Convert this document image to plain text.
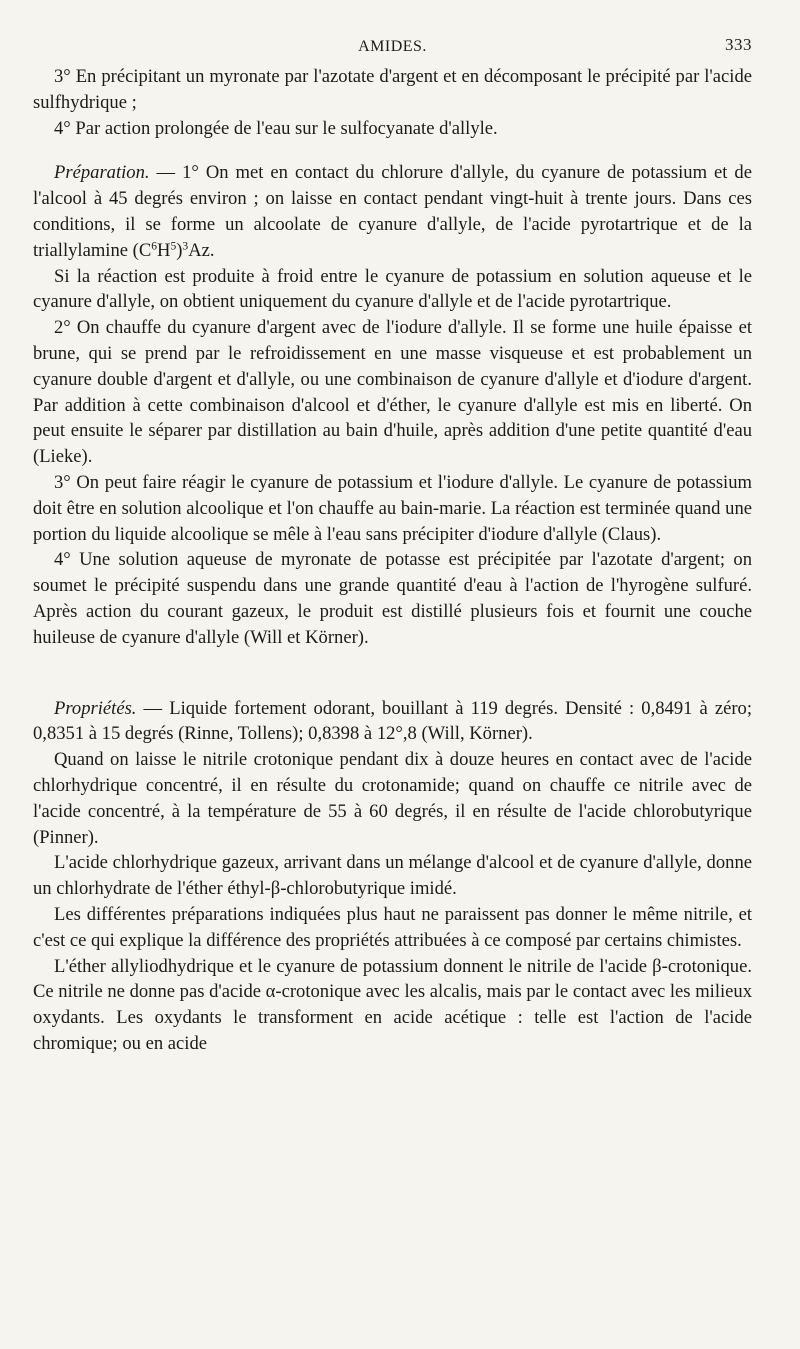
AMIDES.	333

3° En précipitant un myronate par l'azotate d'argent et en décomposant le précipité par l'acide sulfhydrique ;

4° Par action prolongée de l'eau sur le sulfocyanate d'allyle.

Préparation. — 1° On met en contact du chlorure d'allyle, du cyanure de potassium et de l'alcool à 45 degrés environ ; on laisse en contact pendant vingt-huit à trente jours. Dans ces conditions, il se forme un alcoolate de cyanure d'allyle, de l'acide pyrotartrique et de la triallylamine $(C^6H^5)^3Az$.

Si la réaction est produite à froid entre le cyanure de potassium en solution aqueuse et le cyanure d'allyle, on obtient uniquement du cyanure d'allyle et de l'acide pyrotartrique.

2° On chauffe du cyanure d'argent avec de l'iodure d'allyle. Il se forme une huile épaisse et brune, qui se prend par le refroidissement en une masse visqueuse et est probablement un cyanure double d'argent et d'allyle, ou une combinaison de cyanure d'allyle et d'iodure d'argent. Par addition à cette combinaison d'alcool et d'éther, le cyanure d'allyle est mis en liberté. On peut ensuite le séparer par distillation au bain d'huile, après addition d'une petite quantité d'eau (Lieke).

3° On peut faire réagir le cyanure de potassium et l'iodure d'allyle. Le cyanure de potassium doit être en solution alcoolique et l'on chauffe au bain-marie. La réaction est terminée quand une portion du liquide alcoolique se mêle à l'eau sans précipiter d'iodure d'allyle (Claus).

4° Une solution aqueuse de myronate de potasse est précipitée par l'azotate d'argent; on soumet le précipité suspendu dans une grande quantité d'eau à l'action de l'hyrogène sulfuré. Après action du courant gazeux, le produit est distillé plusieurs fois et fournit une couche huileuse de cyanure d'allyle (Will et Körner).

Propriétés. — Liquide fortement odorant, bouillant à 119 degrés. Densité : 0,8491 à zéro; 0,8351 à 15 degrés (Rinne, Tollens); 0,8398 à 12°,8 (Will, Körner).

Quand on laisse le nitrile crotonique pendant dix à douze heures en contact avec de l'acide chlorhydrique concentré, il en résulte du crotonamide; quand on chauffe ce nitrile avec de l'acide concentré, à la température de 55 à 60 degrés, il en résulte de l'acide chlorobutyrique (Pinner).

L'acide chlorhydrique gazeux, arrivant dans un mélange d'alcool et de cyanure d'allyle, donne un chlorhydrate de l'éther éthyl-β-chlorobutyrique imidé.

Les différentes préparations indiquées plus haut ne paraissent pas donner le même nitrile, et c'est ce qui explique la différence des propriétés attribuées à ce composé par certains chimistes.

L'éther allyliodhydrique et le cyanure de potassium donnent le nitrile de l'acide β-crotonique. Ce nitrile ne donne pas d'acide α-crotonique avec les alcalis, mais par le contact avec les milieux oxydants. Les oxydants le transforment en acide acétique : telle est l'action de l'acide chromique; ou en acide
